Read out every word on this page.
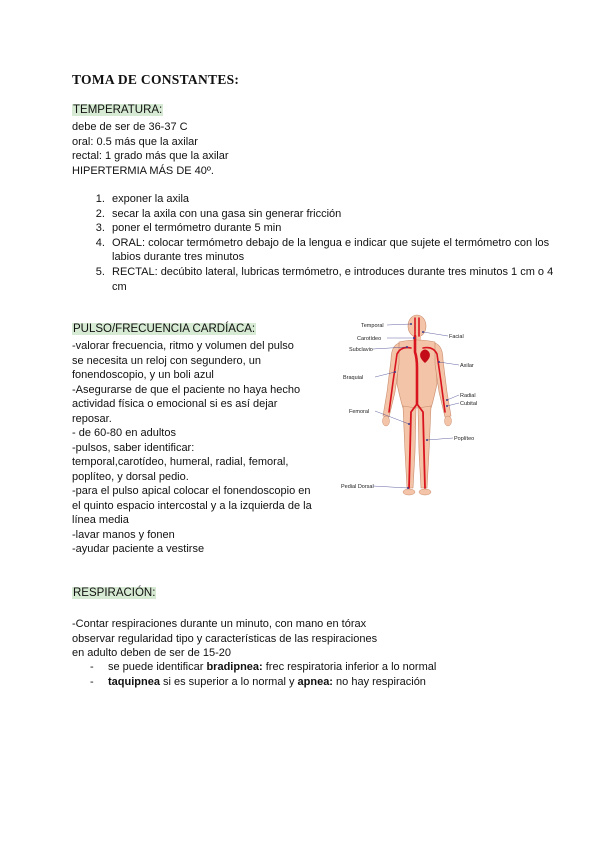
TOMA DE CONSTANTES:
TEMPERATURA:
debe de ser de 36-37 C
oral: 0.5 más que la axilar
rectal: 1 grado más que la axilar
HIPERTERMIA MÁS DE 40º.
1. exponer la axila
2. secar la axila con una gasa sin generar fricción
3. poner el termómetro durante 5 min
4. ORAL: colocar termómetro debajo de la lengua e indicar que sujete el termómetro con los labios durante tres minutos
5. RECTAL: decúbito lateral, lubricas termómetro, e introduces durante tres minutos 1 cm o 4 cm
PULSO/FRECUENCIA CARDÍACA:
-valorar frecuencia, ritmo y volumen del pulso
se necesita un reloj con segundero, un
fonendoscopio, y un boli azul
-Asegurarse de que el paciente no haya hecho
actividad física o emocional si es así dejar
reposar.
- de 60-80 en adultos
-pulsos, saber identificar:
temporal,carotídeo, humeral, radial, femoral,
poplíteo, y dorsal pedio.
-para el pulso apical colocar el fonendoscopio en
el quinto espacio intercostal y a la izquierda de la
línea media
-lavar manos y fonen
-ayudar paciente a vestirse
Temporal
Carotídeo
Subclavio
Braquial
Femoral
Pedial Dorsal
Facial
Axilar
Radial
Cubital
Poplíteo
RESPIRACIÓN:
-Contar respiraciones durante un minuto, con mano en tórax
observar regularidad tipo y características de las respiraciones
en adulto deben de ser de 15-20
- se puede identificar bradipnea: frec respiratoria inferior a lo normal
- taquipnea si es superior a lo normal y apnea: no hay respiración
